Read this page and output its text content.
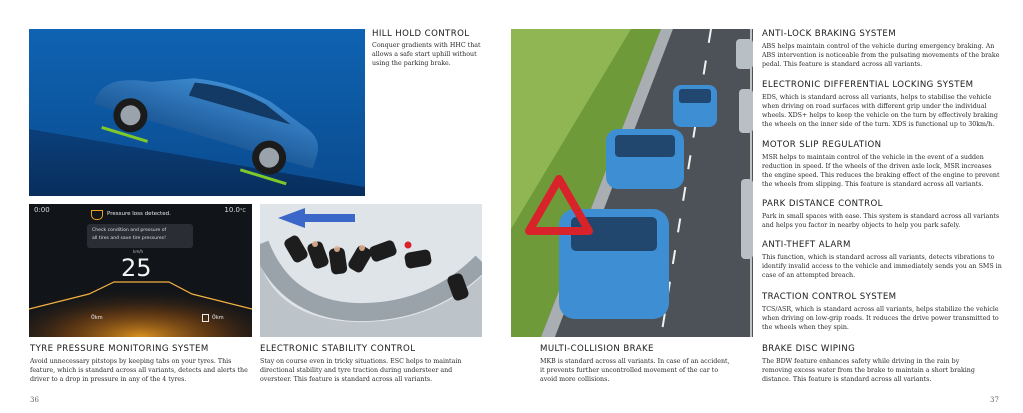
HILL HOLD CONTROL
Conquer gradients with HHC that allows a safe start uphill without using the parking brake.
0:00	10.0°C
Pressure loss detected.
Check condition and pressure of
all tires and save tire pressures!
km/h
25
0km	0km
TYRE PRESSURE MONITORING SYSTEM
Avoid unnecessary pitstops by keeping tabs on your tyres. This feature, which is standard across all variants, detects and alerts the driver to a drop in pressure in any of the 4 tyres.
ELECTRONIC STABILITY CONTROL
Stay on course even in tricky situations. ESC helps to maintain directional stability and tyre traction during understeer and oversteer. This feature is standard across all variants.
36
MULTI-COLLISION BRAKE
MKB is standard across all variants. In case of an accident, it prevents further uncontrolled movement of the car to avoid more collisions.
ANTI-LOCK BRAKING SYSTEM
ABS helps maintain control of the vehicle during emergency braking. An ABS intervention is noticeable from the pulsating movements of the brake pedal. This feature is standard across all variants.
ELECTRONIC DIFFERENTIAL LOCKING SYSTEM
EDS, which is standard across all variants, helps to stabilise the vehicle when driving on road surfaces with different grip under the individual wheels. XDS+ helps to keep the vehicle on the turn by effectively braking the wheels on the inner side of the turn. XDS is functional up to 30km/h.
MOTOR SLIP REGULATION
MSR helps to maintain control of the vehicle in the event of a sudden reduction in speed. If the wheels of the driven axle lock, MSR increases the engine speed. This reduces the braking effect of the engine to prevent the wheels from slipping. This feature is standard across all variants.
PARK DISTANCE CONTROL
Park in small spaces with ease. This system is standard across all variants and helps you factor in nearby objects to help you park safely.
ANTI-THEFT ALARM
This function, which is standard across all variants, detects vibrations to identify invalid access to the vehicle and immediately sends you an SMS in case of an attempted breach.
TRACTION CONTROL SYSTEM
TCS/ASR, which is standard across all variants, helps stabilize the vehicle when driving on low-grip roads. It reduces the drive power transmitted to the wheels when they spin.
BRAKE DISC WIPING
The BDW feature enhances safety while driving in the rain by removing excess water from the brake to maintain a short braking distance. This feature is standard across all variants.
37
